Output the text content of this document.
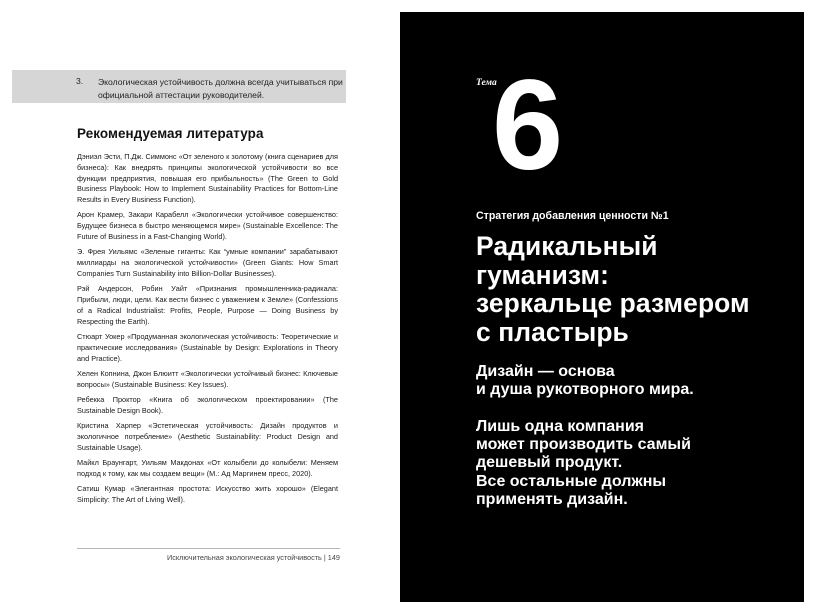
3. Экологическая устойчивость должна всегда учитываться при официальной аттестации руководителей.
Рекомендуемая литература

Дэниэл Эсти, П.Дж. Симмонс «От зеленого к золотому (книга сценариев для бизнеса): Как внедрять принципы экологической устойчивости во все функции предприятия, повышая его прибыльность» (The Green to Gold Business Playbook: How to Implement Sustainability Practices for Bottom-Line Results in Every Business Function).

Арон Крамер, Закари Карабелл «Экологически устойчивое совершенство: Будущее бизнеса в быстро меняющемся мире» (Sustainable Excellence: The Future of Business in a Fast-Changing World).

Э. Фрея Уильямс «Зеленые гиганты: Как “умные компании” зарабатывают миллиарды на экологической устойчивости» (Green Giants: How Smart Companies Turn Sustainability into Billion-Dollar Businesses).

Рэй Андерсон, Робин Уайт «Признания промышленника-радикала: Прибыли, люди, цели. Как вести бизнес с уважением к Земле» (Confessions of a Radical Industrialist: Profits, People, Purpose — Doing Business by Respecting the Earth).

Стюарт Уокер «Продуманная экологическая устойчивость: Теоретические и практические исследования» (Sustainable by Design: Explorations in Theory and Practice).

Хелен Копнина, Джон Блюитт «Экологически устойчивый бизнес: Ключевые вопросы» (Sustainable Business: Key Issues).

Ребекка Проктор «Книга об экологическом проектировании» (The Sustainable Design Book).

Кристина Харпер «Эстетическая устойчивость: Дизайн продуктов и экологичное потребление» (Aesthetic Sustainability: Product Design and Sustainable Usage).

Майкл Браунгарт, Уильям Макдонах «От колыбели до колыбели: Меняем подход к тому, как мы создаем вещи» (М.: Ад Маргинем пресс, 2020).

Сатиш Кумар «Элегантная простота: Искусство жить хорошо» (Elegant Simplicity: The Art of Living Well).

Исключительная экологическая устойчивость | 149
Тема
6
Стратегия добавления ценности №1
Радикальный
гуманизм:
зеркальце размером
с пластырь
Дизайн — основа
и душа рукотворного мира.
Лишь одна компания
может производить самый
дешевый продукт.
Все остальные должны
применять дизайн.
